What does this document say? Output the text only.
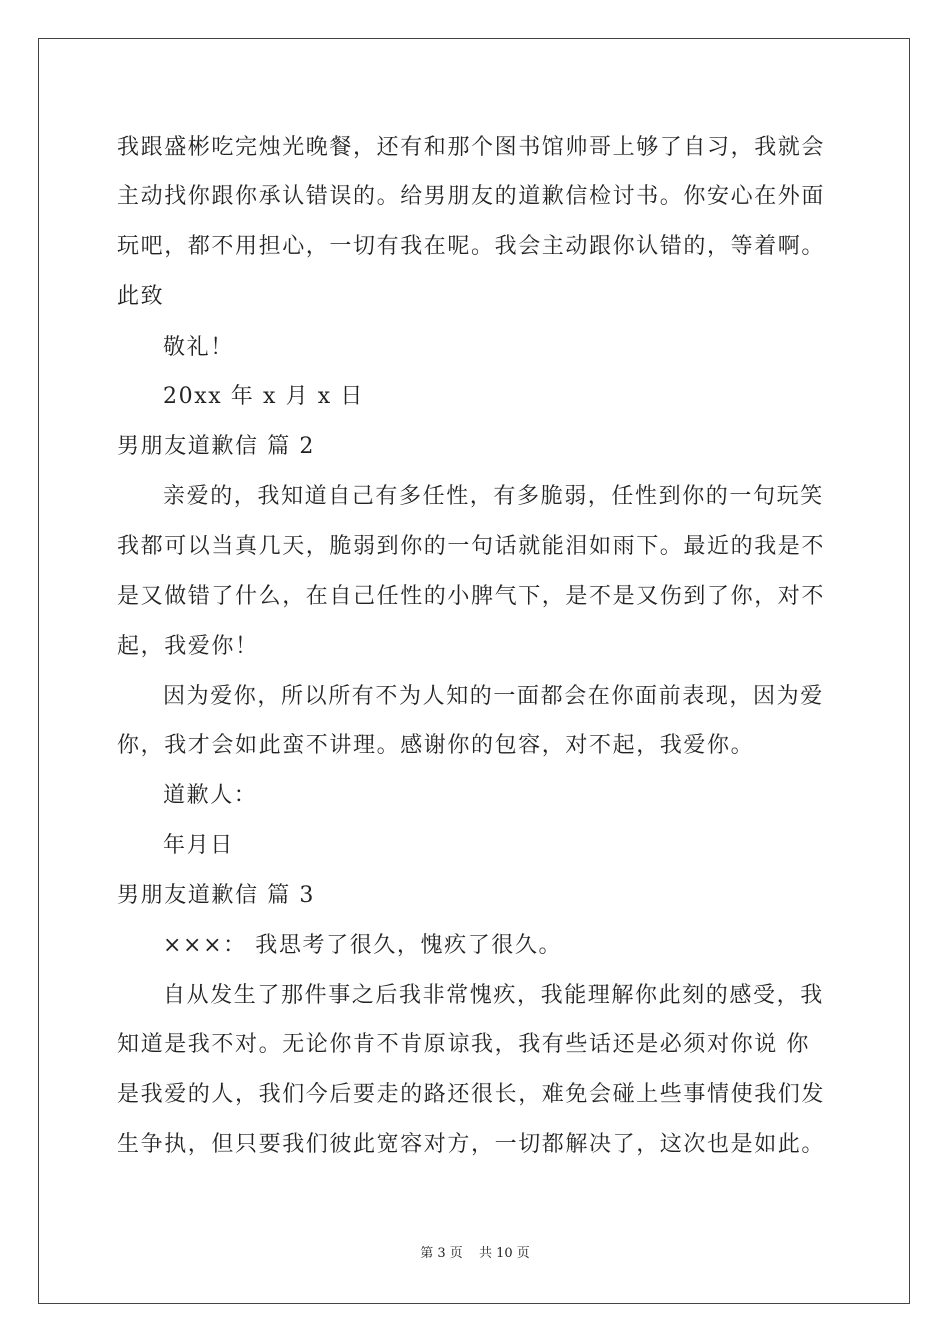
我跟盛彬吃完烛光晚餐，还有和那个图书馆帅哥上够了自习，我就会

主动找你跟你承认错误的。给男朋友的道歉信检讨书。你安心在外面

玩吧，都不用担心，一切有我在呢。我会主动跟你认错的，等着啊。

此致

敬礼！

20xx 年 x 月 x 日

男朋友道歉信 篇 2

亲爱的，我知道自己有多任性，有多脆弱，任性到你的一句玩笑

我都可以当真几天，脆弱到你的一句话就能泪如雨下。最近的我是不

是又做错了什么，在自己任性的小脾气下，是不是又伤到了你，对不

起，我爱你！

因为爱你，所以所有不为人知的一面都会在你面前表现，因为爱

你，我才会如此蛮不讲理。感谢你的包容，对不起，我爱你。

道歉人：

年月日

男朋友道歉信 篇 3

×××： 我思考了很久，愧疚了很久。

自从发生了那件事之后我非常愧疚，我能理解你此刻的感受，我

知道是我不对。无论你肯不肯原谅我，我有些话还是必须对你说 你

是我爱的人，我们今后要走的路还很长，难免会碰上些事情使我们发

生争执，但只要我们彼此宽容对方，一切都解决了，这次也是如此。

第 3 页 共 10 页
